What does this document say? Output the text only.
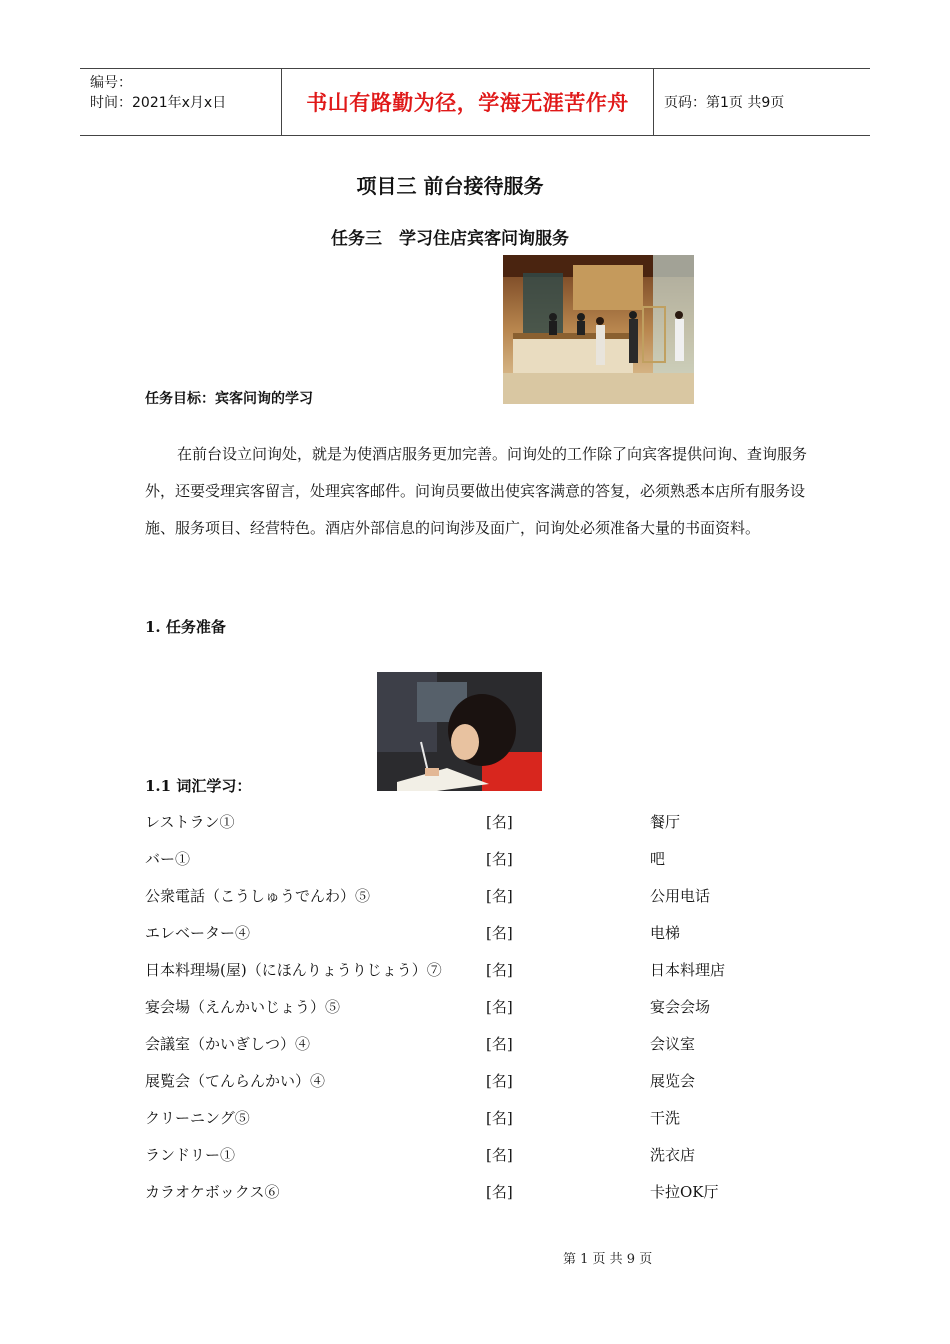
编号：
时间：2021年x月x日	书山有路勤为径，学海无涯苦作舟	页码：第1页 共9页
项目三 前台接待服务
任务三　学习住店宾客问询服务
任务目标：宾客问询的学习

在前台设立问询处，就是为使酒店服务更加完善。问询处的工作除了向宾客提供问询、查询服务外，还要受理宾客留言，处理宾客邮件。问询员要做出使宾客满意的答复，必须熟悉本店所有服务设施、服务项目、经营特色。酒店外部信息的问询涉及面广，问询处必须准备大量的书面资料。

1. 任务准备
1.1 词汇学习：
レストラン①	[名]	餐厅
バー①	[名]	吧
公衆電話（こうしゅうでんわ）⑤	[名]	公用电话
エレベーター④	[名]	电梯
日本料理場(屋)（にほんりょうりじょう）⑦	[名]	日本料理店
宴会場（えんかいじょう）⑤	[名]	宴会会场
会議室（かいぎしつ）④	[名]	会议室
展覧会（てんらんかい）④	[名]	展览会
クリーニング⑤	[名]	干洗
ランドリー①	[名]	洗衣店
カラオケボックス⑥	[名]	卡拉OK厅
第 1 页 共 9 页
